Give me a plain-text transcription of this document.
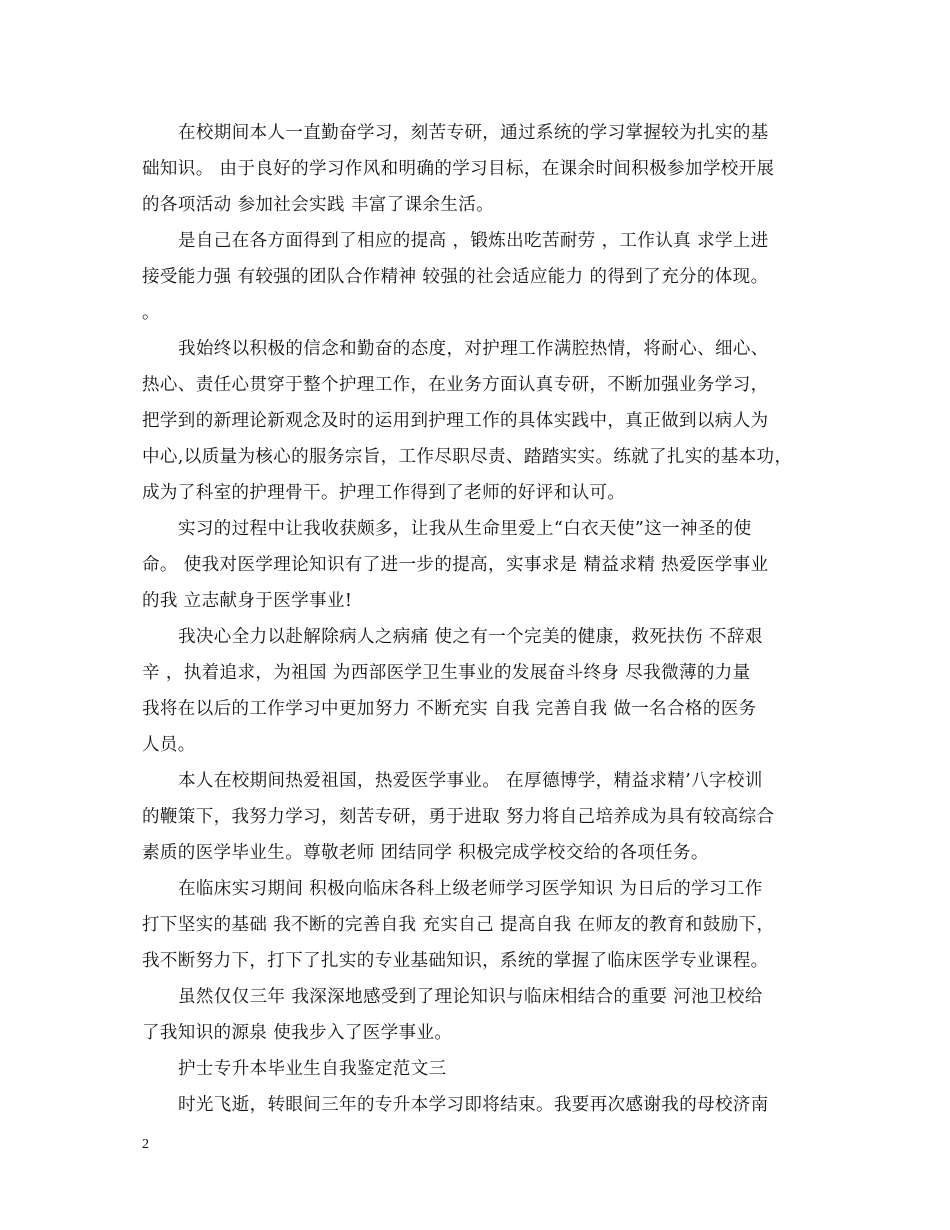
在校期间本人一直勤奋学习，刻苦专研，通过系统的学习掌握较为扎实的基
础知识。 由于良好的学习作风和明确的学习目标，在课余时间积极参加学校开展
的各项活动 参加社会实践 丰富了课余生活。
是自己在各方面得到了相应的提高 ，锻炼出吃苦耐劳 ，工作认真 求学上进
接受能力强 有较强的团队合作精神 较强的社会适应能力 的得到了充分的体现。
。
我始终以积极的信念和勤奋的态度，对护理工作满腔热情，将耐心、细心、
热心、责任心贯穿于整个护理工作，在业务方面认真专研，不断加强业务学习，
把学到的新理论新观念及时的运用到护理工作的具体实践中，真正做到以病人为
中心,以质量为核心的服务宗旨，工作尽职尽责、踏踏实实。练就了扎实的基本功，
成为了科室的护理骨干。护理工作得到了老师的好评和认可。
实习的过程中让我收获颇多，让我从生命里爱上“白衣天使”这一神圣的使
命。 使我对医学理论知识有了进一步的提高，实事求是 精益求精 热爱医学事业
的我 立志献身于医学事业!
我决心全力以赴解除病人之病痛 使之有一个完美的健康，救死扶伤 不辞艰
辛 ，执着追求，为祖国 为西部医学卫生事业的发展奋斗终身 尽我微薄的力量
我将在以后的工作学习中更加努力 不断充实 自我 完善自我 做一名合格的医务
人员。
本人在校期间热爱祖国，热爱医学事业。 在厚德博学，精益求精’八字校训
的鞭策下，我努力学习，刻苦专研，勇于进取 努力将自己培养成为具有较高综合
素质的医学毕业生。尊敬老师 团结同学 积极完成学校交给的各项任务。
在临床实习期间 积极向临床各科上级老师学习医学知识 为日后的学习工作
打下坚实的基础 我不断的完善自我 充实自己 提高自我 在师友的教育和鼓励下，
我不断努力下，打下了扎实的专业基础知识，系统的掌握了临床医学专业课程。
虽然仅仅三年 我深深地感受到了理论知识与临床相结合的重要 河池卫校给
了我知识的源泉 使我步入了医学事业。
护士专升本毕业生自我鉴定范文三
时光飞逝，转眼间三年的专升本学习即将结束。我要再次感谢我的母校济南
2
